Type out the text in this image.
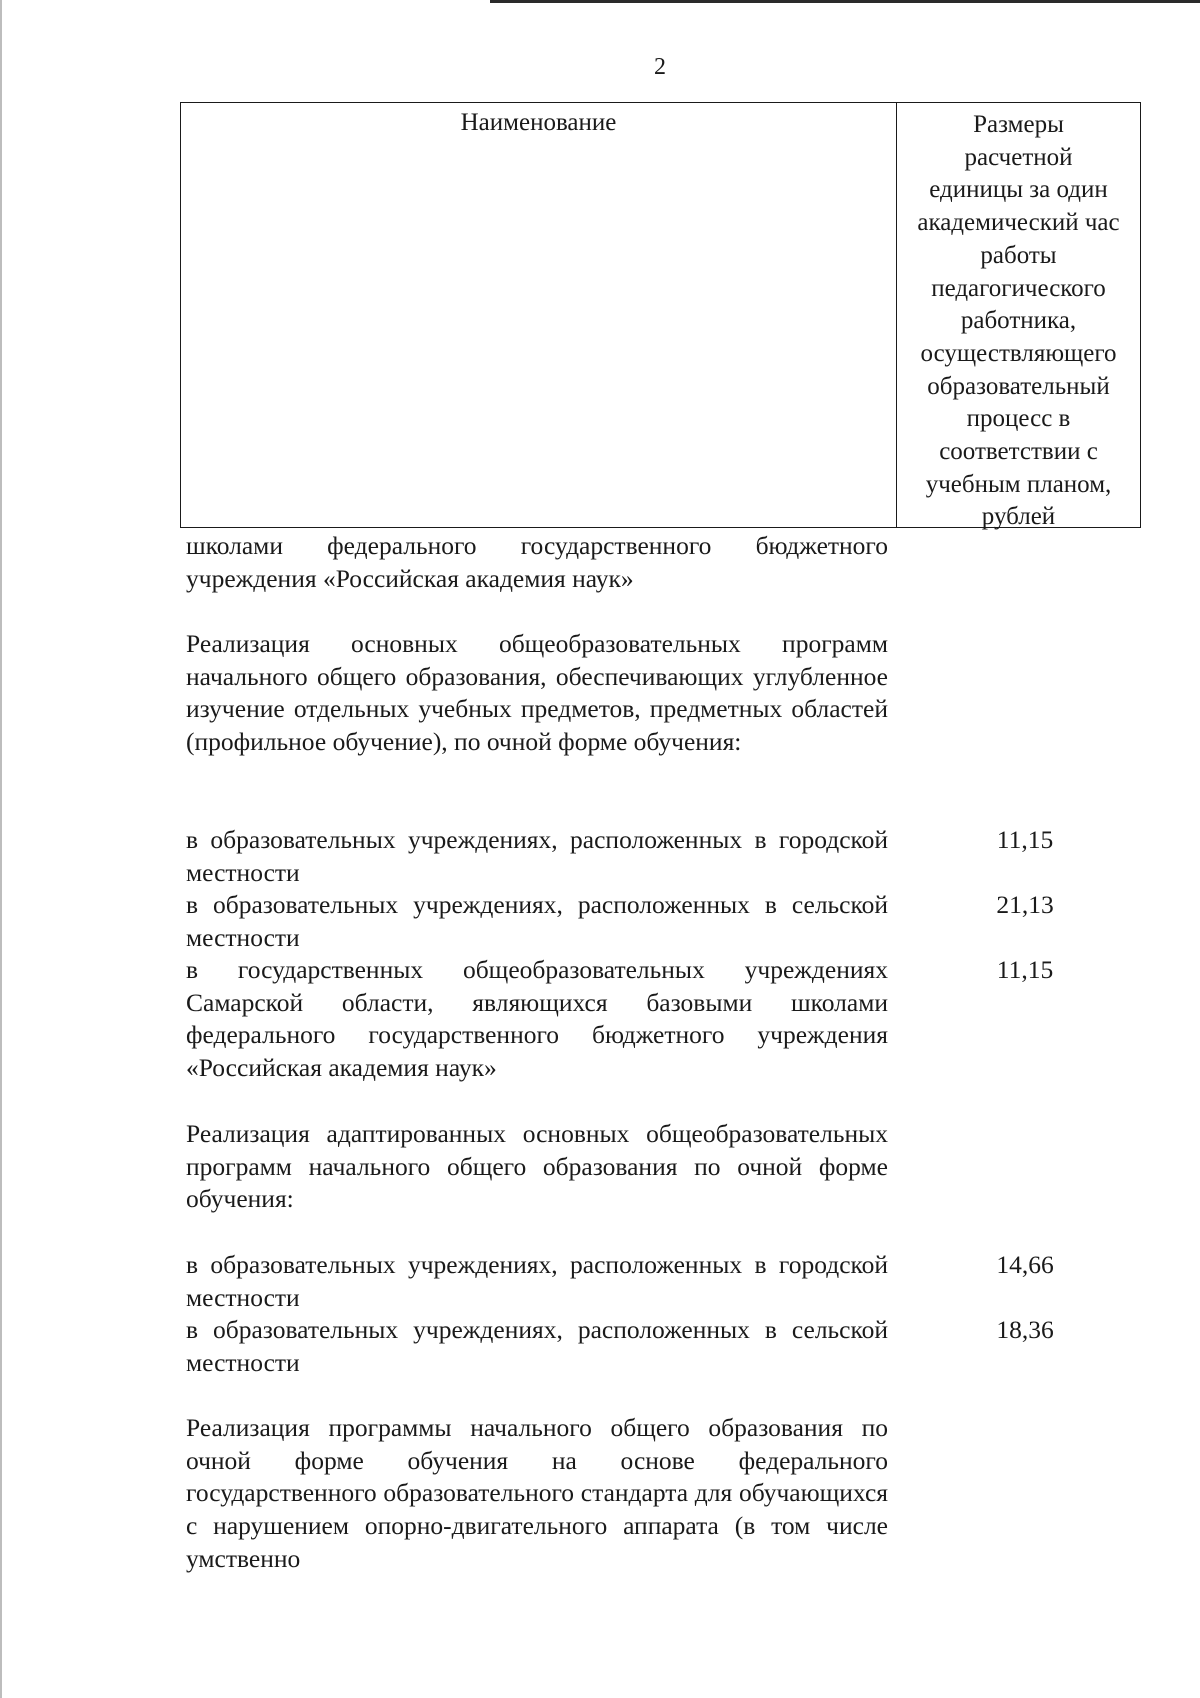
2
Наименование	Размеры
расчетной
единицы за один
академический час
работы
педагогического
работника,
осуществляющего
образовательный
процесс в
соответствии с
учебным планом,
рублей
школами федерального государственного бюджетного учреждения «Российская академия наук»
Реализация основных общеобразовательных программ начального общего образования, обеспечивающих углубленное изучение отдельных учебных предметов, предметных областей (профильное обучение), по очной форме обучения:
в образовательных учреждениях, расположенных в городской местности
11,15
в образовательных учреждениях, расположенных в сельской местности
21,13
в государственных общеобразовательных учреждениях Самарской области, являющихся базовыми школами федерального государственного бюджетного учреждения «Российская академия наук»
11,15
Реализация адаптированных основных общеобразовательных программ начального общего образования по очной форме обучения:
в образовательных учреждениях, расположенных в городской местности
14,66
в образовательных учреждениях, расположенных в сельской местности
18,36
Реализация программы начального общего образования по очной форме обучения на основе федерального государственного образовательного стандарта для обучающихся с нарушением опорно-двигательного аппарата (в том числе умственно
